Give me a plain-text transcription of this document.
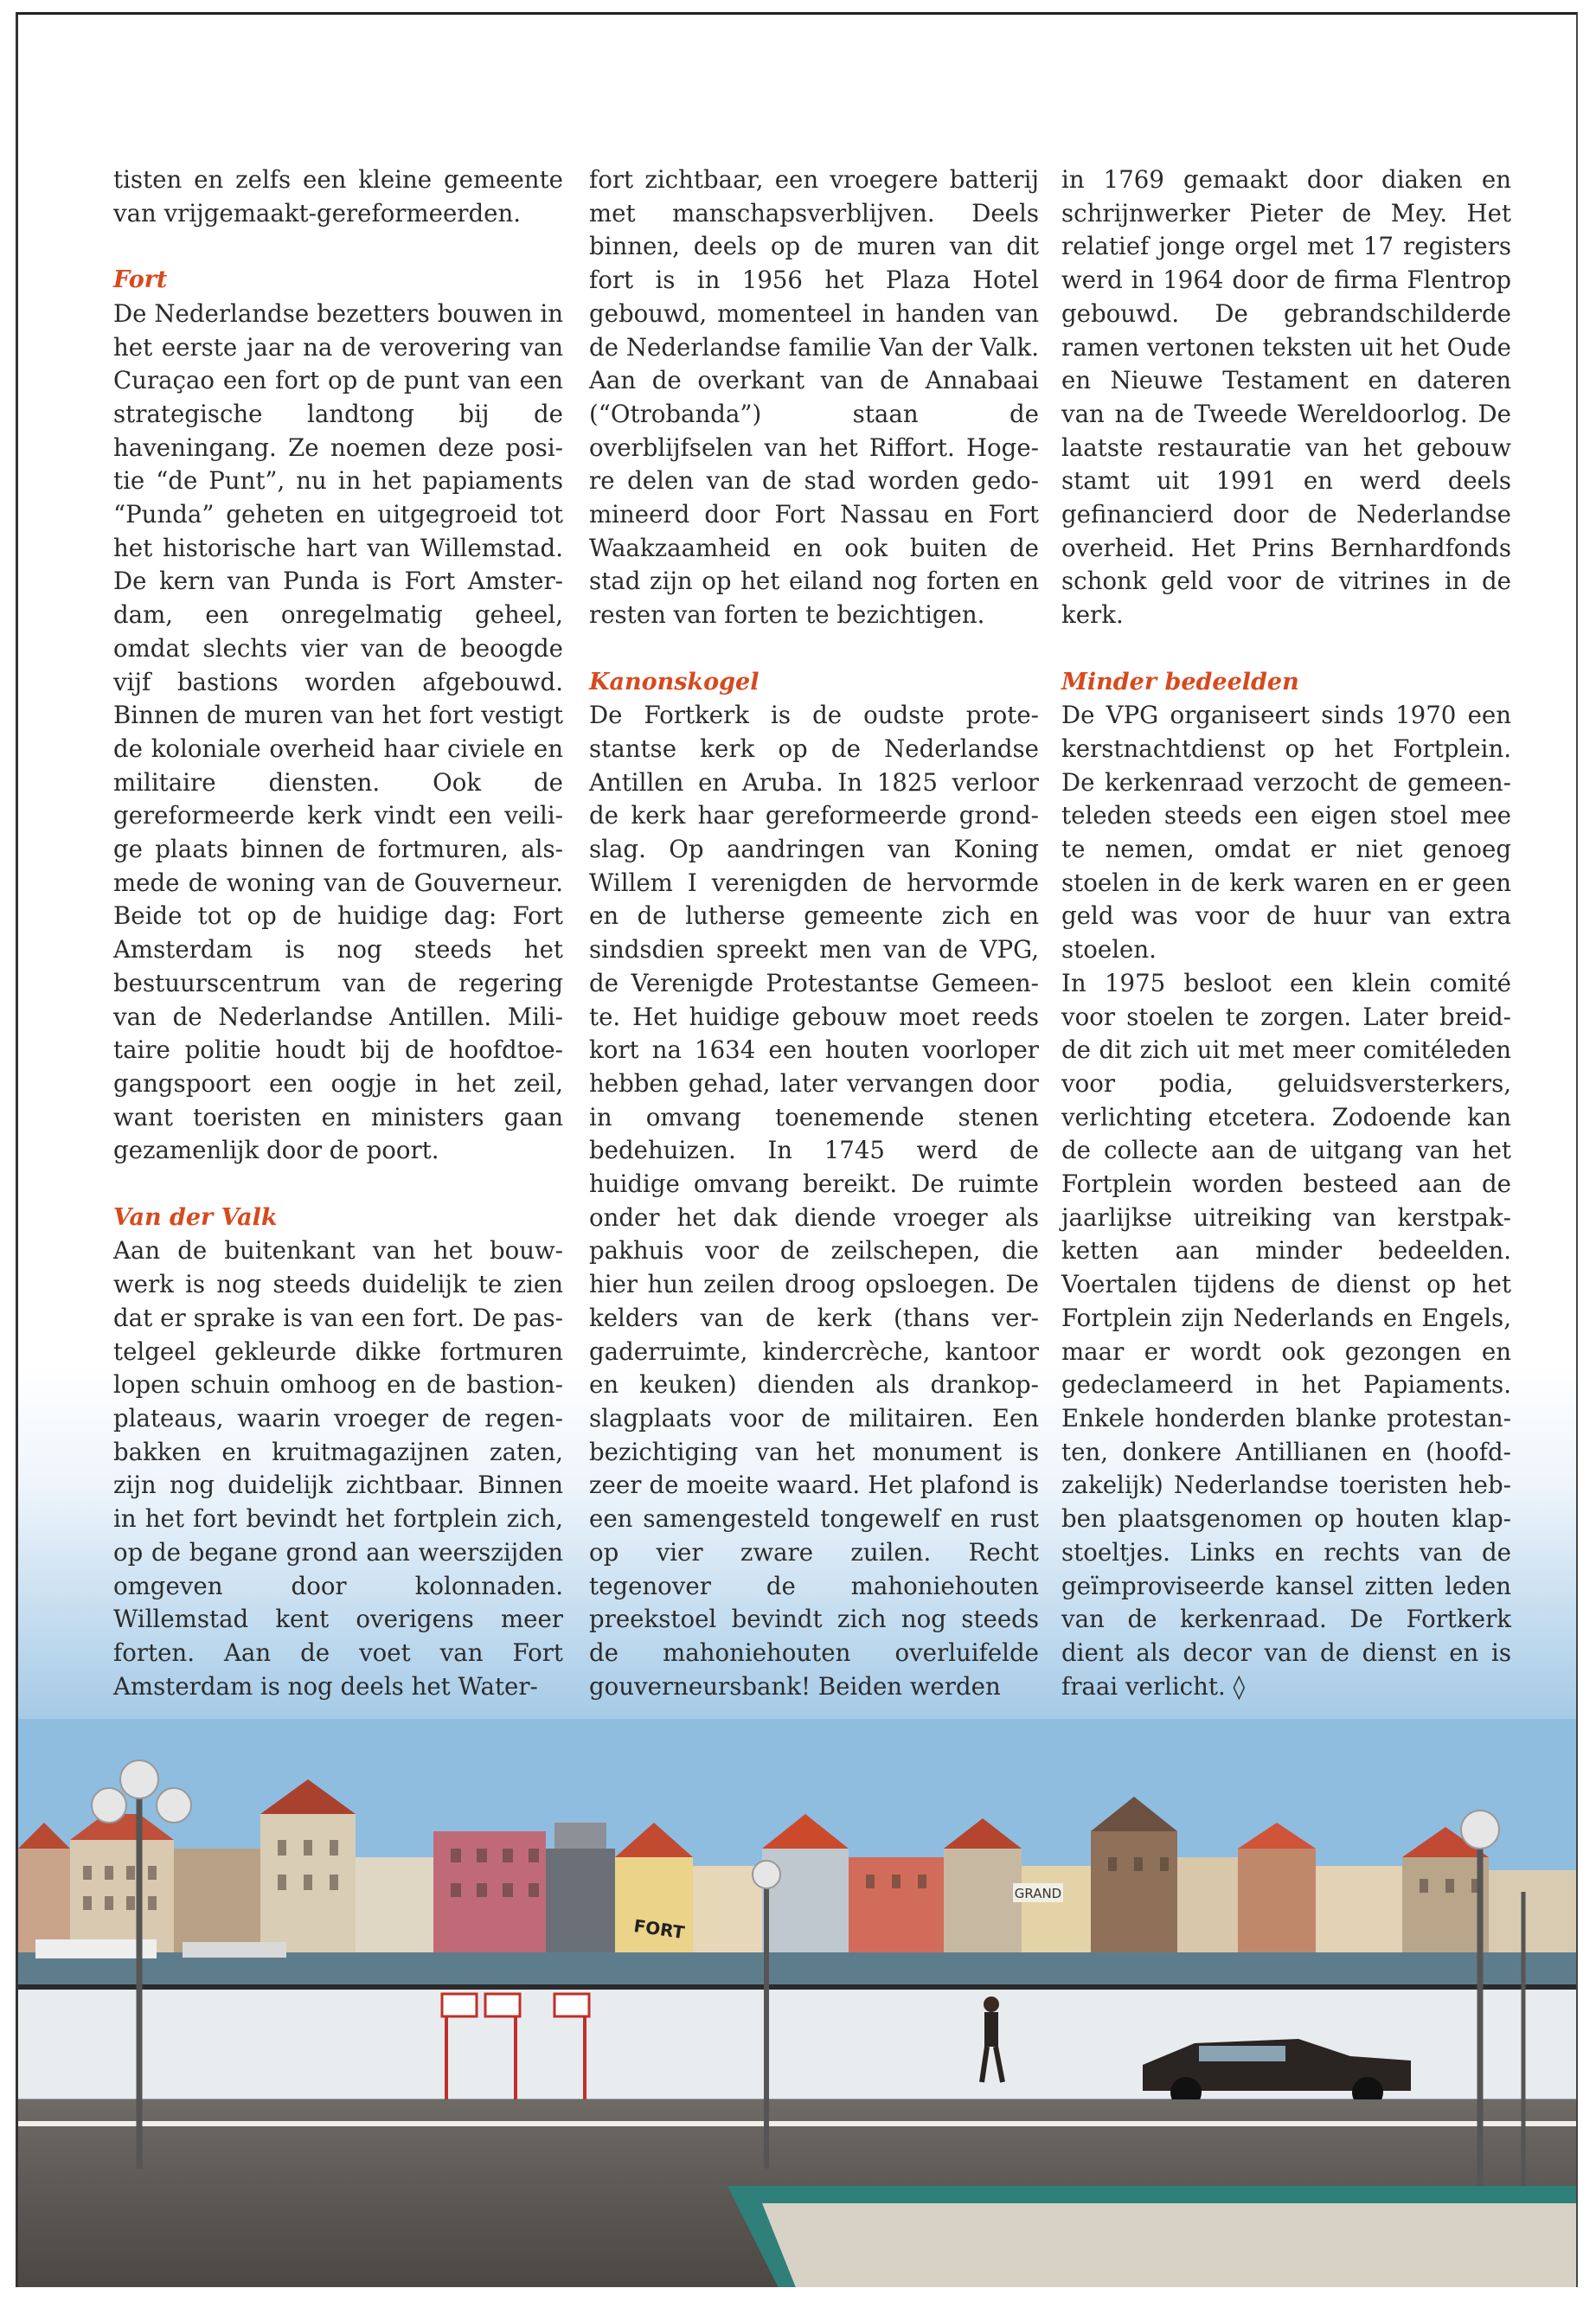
tisten en zelfs een kleine gemeente van vrijgemaakt-gereformeerden.

Fort

De Nederlandse bezetters bouwen in het eerste jaar na de verovering van Curaçao een fort op de punt van een strategische landtong bij de haveningang. Ze noemen deze positie “de Punt”, nu in het papiaments “Punda” geheten en uitgegroeid tot het historische hart van Willemstad. De kern van Punda is Fort Amsterdam, een onregelmatig geheel, omdat slechts vier van de beoogde vijf bastions worden afgebouwd. Binnen de muren van het fort vestigt de koloniale overheid haar civiele en militaire diensten. Ook de gereformeerde kerk vindt een veilige plaats binnen de fortmuren, alsmede de woning van de Gouverneur. Beide tot op de huidige dag: Fort Amsterdam is nog steeds het bestuurscentrum van de regering van de Nederlandse Antillen. Militaire politie houdt bij de hoofdtoegangspoort een oogje in het zeil, want toeristen en ministers gaan gezamenlijk door de poort.

Van der Valk

Aan de buitenkant van het bouwwerk is nog steeds duidelijk te zien dat er sprake is van een fort. De pastelgeel gekleurde dikke fortmuren lopen schuin omhoog en de bastionplateaus, waarin vroeger de regenbakken en kruitmagazijnen zaten, zijn nog duidelijk zichtbaar. Binnen in het fort bevindt het fortplein zich, op de begane grond aan weerszijden omgeven door kolonnaden. Willemstad kent overigens meer forten. Aan de voet van Fort Amsterdam is nog deels het Water-

fort zichtbaar, een vroegere batterij met manschapsverblijven. Deels binnen, deels op de muren van dit fort is in 1956 het Plaza Hotel gebouwd, momenteel in handen van de Nederlandse familie Van der Valk. Aan de overkant van de Annabaai (“Otrobanda”) staan de overblijfselen van het Riffort. Hogere delen van de stad worden gedomineerd door Fort Nassau en Fort Waakzaamheid en ook buiten de stad zijn op het eiland nog forten en resten van forten te bezichtigen.

Kanonskogel

De Fortkerk is de oudste protestantse kerk op de Nederlandse Antillen en Aruba. In 1825 verloor de kerk haar gereformeerde grondslag. Op aandringen van Koning Willem I verenigden de hervormde en de lutherse gemeente zich en sindsdien spreekt men van de VPG, de Verenigde Protestantse Gemeente. Het huidige gebouw moet reeds kort na 1634 een houten voorloper hebben gehad, later vervangen door in omvang toenemende stenen bedehuizen. In 1745 werd de huidige omvang bereikt. De ruimte onder het dak diende vroeger als pakhuis voor de zeilschepen, die hier hun zeilen droog opsloegen. De kelders van de kerk (thans vergaderruimte, kindercrèche, kantoor en keuken) dienden als drankopslagplaats voor de militairen. Een bezichtiging van het monument is zeer de moeite waard. Het plafond is een samengesteld tongewelf en rust op vier zware zuilen. Recht tegenover de mahoniehouten preekstoel bevindt zich nog steeds de mahoniehouten overluifelde gouverneursbank! Beiden werden

in 1769 gemaakt door diaken en schrijnwerker Pieter de Mey. Het relatief jonge orgel met 17 registers werd in 1964 door de firma Flentrop gebouwd. De gebrandschilderde ramen vertonen teksten uit het Oude en Nieuwe Testament en dateren van na de Tweede Wereldoorlog. De laatste restauratie van het gebouw stamt uit 1991 en werd deels gefinancierd door de Nederlandse overheid. Het Prins Bernhardfonds schonk geld voor de vitrines in de kerk.

Minder bedeelden

De VPG organiseert sinds 1970 een kerstnachtdienst op het Fortplein. De kerkenraad verzocht de gemeenteleden steeds een eigen stoel mee te nemen, omdat er niet genoeg stoelen in de kerk waren en er geen geld was voor de huur van extra stoelen.

In 1975 besloot een klein comité voor stoelen te zorgen. Later breidde dit zich uit met meer comitéleden voor podia, geluidsversterkers, verlichting etcetera. Zodoende kan de collecte aan de uitgang van het Fortplein worden besteed aan de jaarlijkse uitreiking van kerstpakketten aan minder bedeelden. Voertalen tijdens de dienst op het Fortplein zijn Nederlands en Engels, maar er wordt ook gezongen en gedeclameerd in het Papiaments. Enkele honderden blanke protestanten, donkere Antillianen en (hoofdzakelijk) Nederlandse toeristen hebben plaatsgenomen op houten klapstoeltjes. Links en rechts van de geïmproviseerde kansel zitten leden van de kerkenraad. De Fortkerk dient als decor van de dienst en is fraai verlicht. ◊

GRAND
FORT
